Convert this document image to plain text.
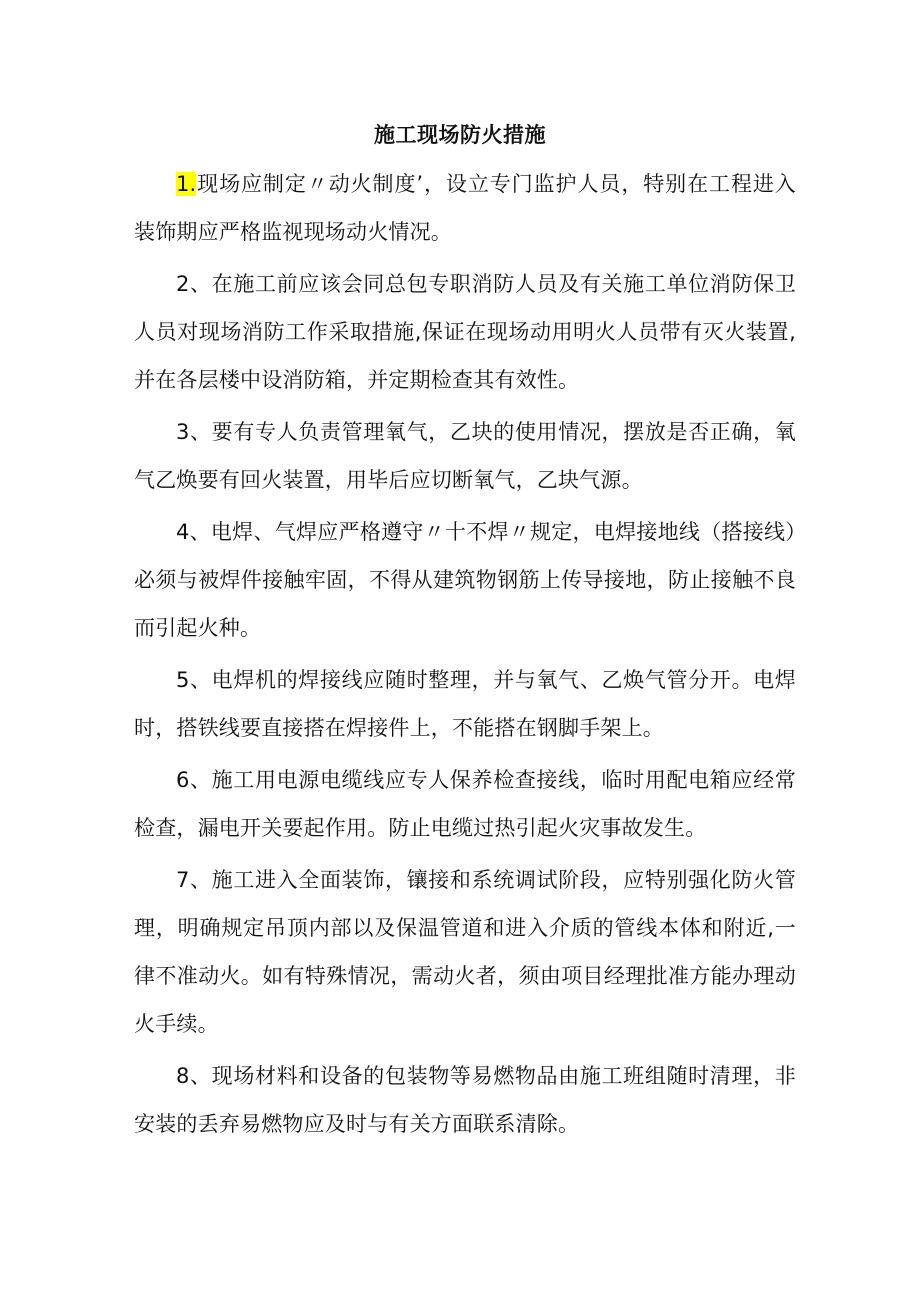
施工现场防火措施

1.现场应制定〃动火制度’，设立专门监护人员，特别在工程进入装饰期应严格监视现场动火情况。

2、在施工前应该会同总包专职消防人员及有关施工单位消防保卫人员对现场消防工作采取措施,保证在现场动用明火人员带有灭火装置,并在各层楼中设消防箱，并定期检查其有效性。

3、要有专人负责管理氧气，乙块的使用情况，摆放是否正确，氧气乙焕要有回火装置，用毕后应切断氧气，乙块气源。

4、电焊、气焊应严格遵守〃十不焊〃规定，电焊接地线（搭接线）必须与被焊件接触牢固，不得从建筑物钢筋上传导接地，防止接触不良而引起火种。

5、电焊机的焊接线应随时整理，并与氧气、乙焕气管分开。电焊时，搭铁线要直接搭在焊接件上，不能搭在钢脚手架上。

6、施工用电源电缆线应专人保养检查接线，临时用配电箱应经常检查，漏电开关要起作用。防止电缆过热引起火灾事故发生。

7、施工进入全面装饰，镶接和系统调试阶段，应特别强化防火管理，明确规定吊顶内部以及保温管道和进入介质的管线本体和附近,一律不准动火。如有特殊情况，需动火者，须由项目经理批准方能办理动火手续。

8、现场材料和设备的包装物等易燃物品由施工班组随时清理，非安装的丢弃易燃物应及时与有关方面联系清除。
